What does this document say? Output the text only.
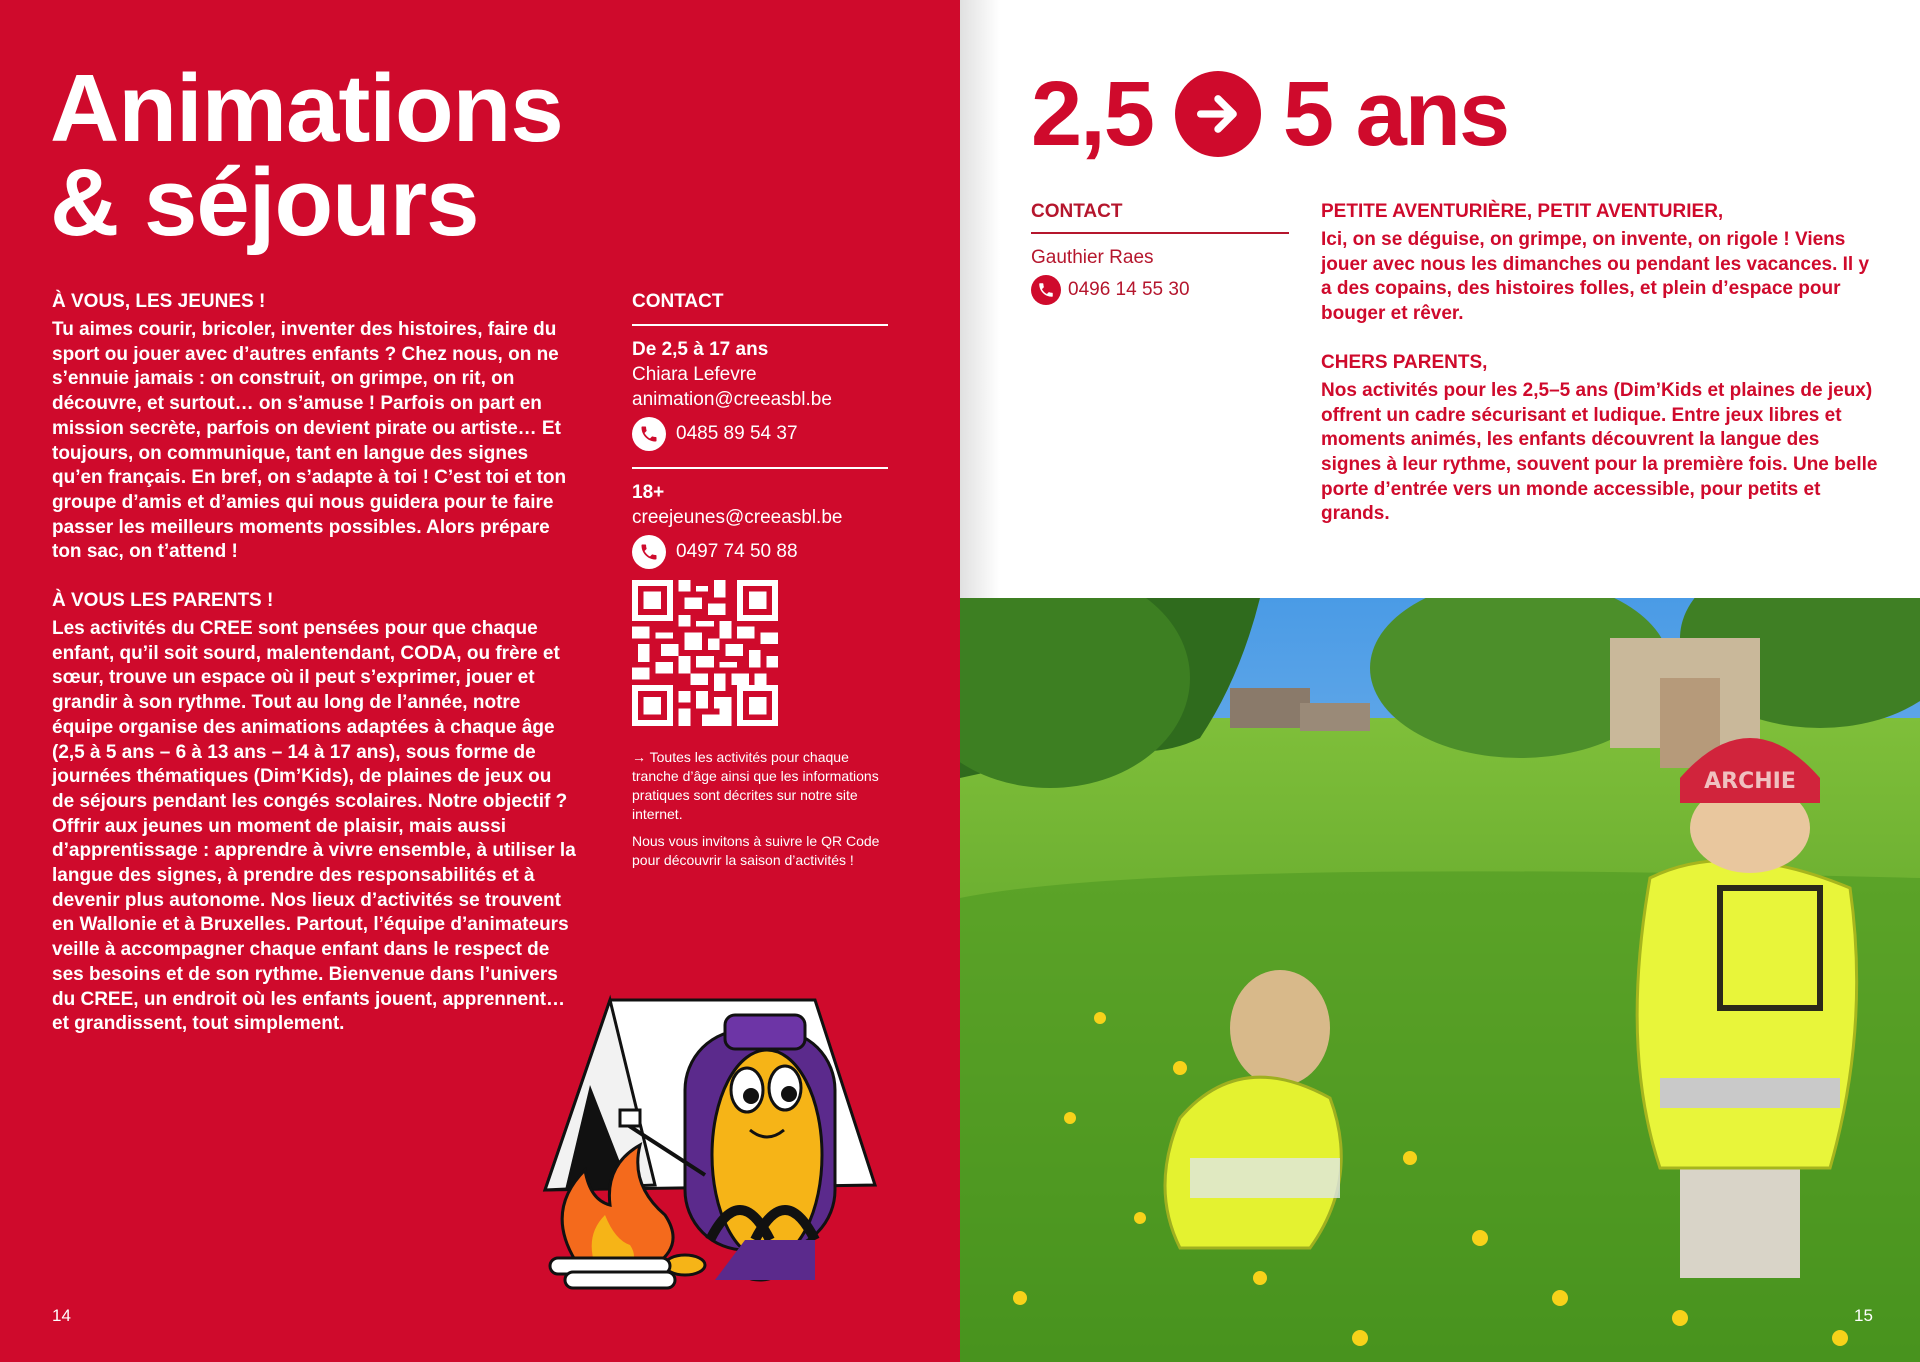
Animations
& séjours
À VOUS, LES JEUNES !

Tu aimes courir, bricoler, inventer des histoires, faire du sport ou jouer avec d’autres enfants ? Chez nous, on ne s’ennuie jamais : on construit, on grimpe, on rit, on découvre, et surtout… on s’amuse ! Parfois on part en mission secrète, parfois on devient pirate ou artiste… Et toujours, on communique, tant en langue des signes qu’en français. En bref, on s’adapte à toi ! C’est toi et ton groupe d’amis et d’amies qui nous guidera pour te faire passer les meilleurs moments possibles. Alors prépare ton sac, on t’attend !

À VOUS LES PARENTS !

Les activités du CREE sont pensées pour que chaque enfant, qu’il soit sourd, malentendant, CODA, ou frère et sœur, trouve un espace où il peut s’exprimer, jouer et grandir à son rythme. Tout au long de l’année, notre équipe organise des animations adaptées à chaque âge (2,5 à 5 ans – 6 à 13 ans – 14 à 17 ans), sous forme de journées thématiques (Dim’Kids), de plaines de jeux ou de séjours pendant les congés scolaires. Notre objectif ? Offrir aux jeunes un moment de plaisir, mais aussi d’apprentissage : apprendre à vivre ensemble, à utiliser la langue des signes, à prendre des responsabilités et à devenir plus autonome. Nos lieux d’activités se trouvent en Wallonie et à Bruxelles. Partout, l’équipe d’animateurs veille à accompagner chaque enfant dans le respect de ses besoins et de son rythme. Bienvenue dans l’univers du CREE, un endroit où les enfants jouent, apprennent… et grandissent, tout simplement.

CONTACT
De 2,5 à 17 ans
Chiara Lefevre
animation@creeasbl.be
0485 89 54 37
18+
creejeunes@creeasbl.be
0497 74 50 88

→ Toutes les activités pour chaque tranche d’âge ainsi que les informations pratiques sont décrites sur notre site internet.

Nous vous invitons à suivre le QR Code pour découvrir la saison d’activités !

14
ARCHIE
2,5 5 ans
CONTACT
Gauthier Raes
0496 14 55 30
PETITE AVENTURIÈRE, PETIT AVENTURIER,

Ici, on se déguise, on grimpe, on invente, on rigole ! Viens jouer avec nous les dimanches ou pendant les vacances. Il y a des copains, des histoires folles, et plein d’espace pour bouger et rêver.

CHERS PARENTS,

Nos activités pour les 2,5–5 ans (Dim’Kids et plaines de jeux) offrent un cadre sécurisant et ludique. Entre jeux libres et moments animés, les enfants découvrent la langue des signes à leur rythme, souvent pour la première fois. Une belle porte d’entrée vers un monde accessible, pour petits et grands.

15
